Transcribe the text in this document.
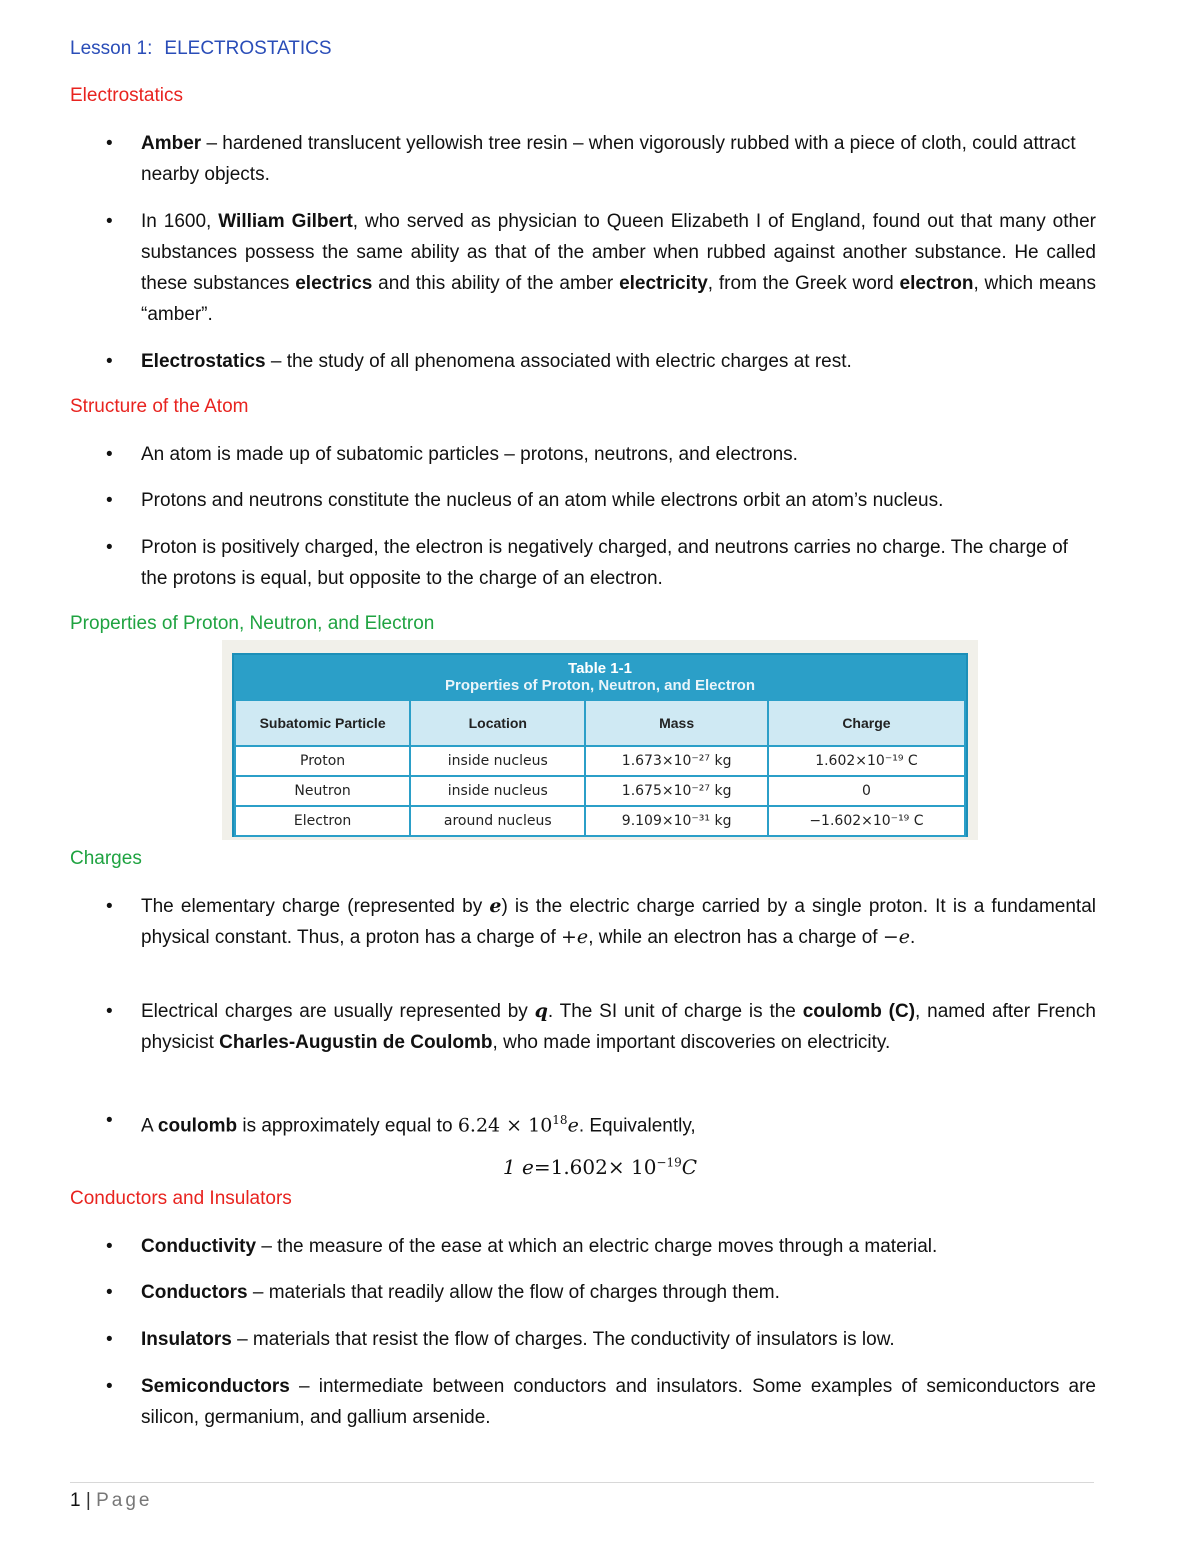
Lesson 1: ELECTROSTATICS
Electrostatics
•	Amber – hardened translucent yellowish tree resin – when vigorously rubbed with a piece of cloth, could attract nearby objects.
•	In 1600, William Gilbert, who served as physician to Queen Elizabeth I of England, found out that many other substances possess the same ability as that of the amber when rubbed against another substance. He called these substances electrics and this ability of the amber electricity, from the Greek word electron, which means “amber”.
•	Electrostatics – the study of all phenomena associated with electric charges at rest.
Structure of the Atom
•	An atom is made up of subatomic particles – protons, neutrons, and electrons.
•	Protons and neutrons constitute the nucleus of an atom while electrons orbit an atom’s nucleus.
•	Proton is positively charged, the electron is negatively charged, and neutrons carries no charge. The charge of the protons is equal, but opposite to the charge of an electron.
Properties of Proton, Neutron, and Electron
Table 1-1
Properties of Proton, Neutron, and Electron
Subatomic Particle	Location	Mass	Charge
Proton	inside nucleus	1.673×10⁻²⁷ kg	1.602×10⁻¹⁹ C
Neutron	inside nucleus	1.675×10⁻²⁷ kg	0
Electron	around nucleus	9.109×10⁻³¹ kg	−1.602×10⁻¹⁹ C
Charges
•	The elementary charge (represented by e) is the electric charge carried by a single proton. It is a fundamental physical constant. Thus, a proton has a charge of +e, while an electron has a charge of −e.
•	Electrical charges are usually represented by q. The SI unit of charge is the coulomb (C), named after French physicist Charles-Augustin de Coulomb, who made important discoveries on electricity.
•	A coulomb is approximately equal to $6.24 \times 10^{18}e$. Equivalently,
1 $e=1.602\times 10^{-19}C$
Conductors and Insulators
•	Conductivity – the measure of the ease at which an electric charge moves through a material.
•	Conductors – materials that readily allow the flow of charges through them.
•	Insulators – materials that resist the flow of charges. The conductivity of insulators is low.
•	Semiconductors – intermediate between conductors and insulators. Some examples of semiconductors are silicon, germanium, and gallium arsenide.
1 | Page
